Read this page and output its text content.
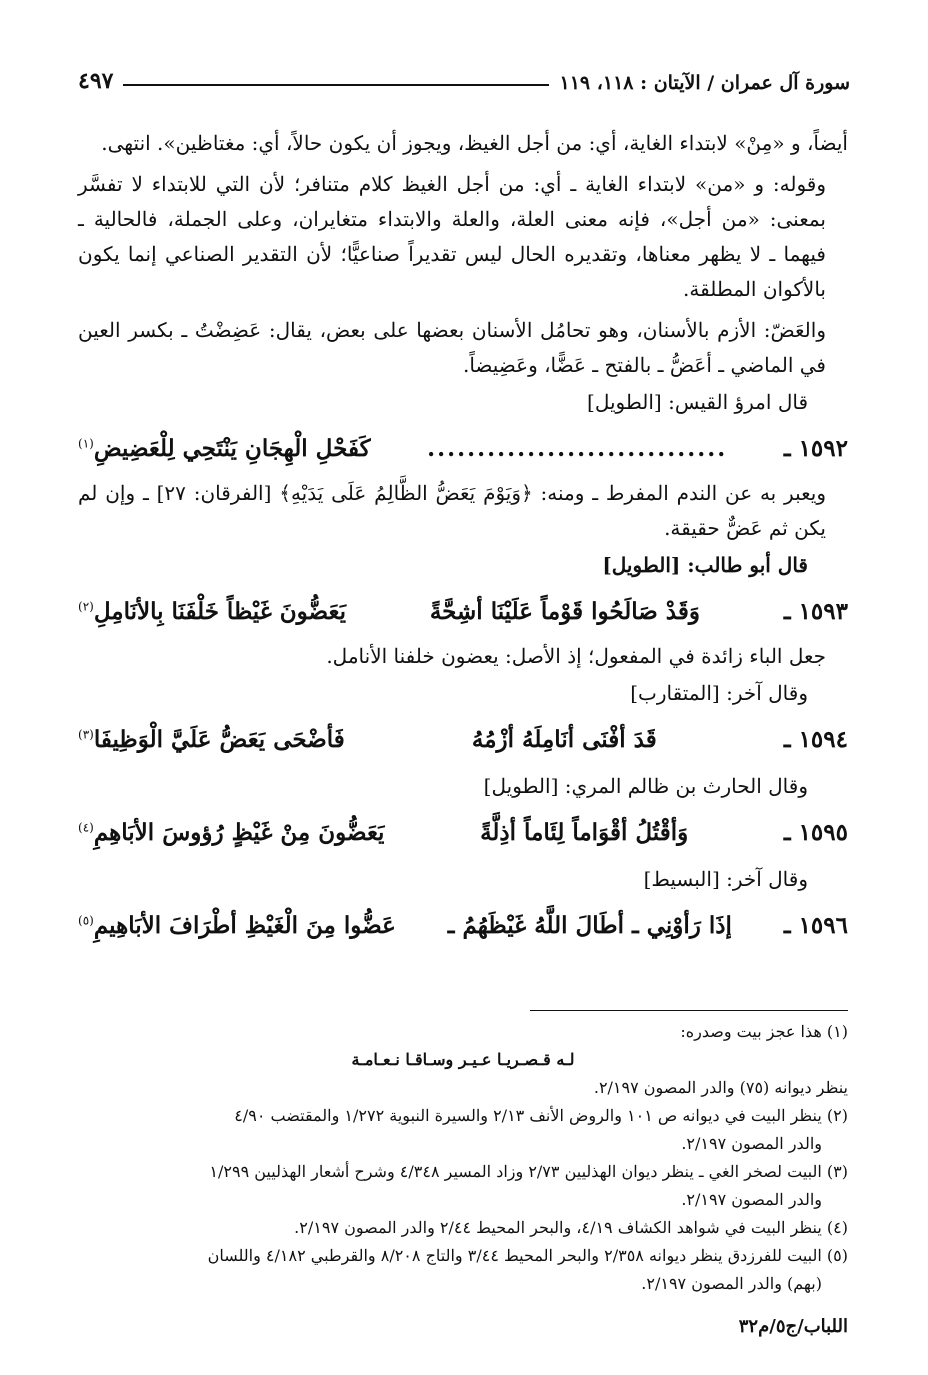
سورة آل عمران / الآيتان : ١١٨، ١١٩
٤٩٧

أيضاً، و «مِنْ» لابتداء الغاية، أي: من أجل الغيظ، ويجوز أن يكون حالاً، أي: مغتاظين». انتهى.

وقوله: و «من» لابتداء الغاية ـ أي: من أجل الغيظ كلام متنافر؛ لأن التي للابتداء لا تفسَّر بمعنى: «من أجل»، فإنه معنى العلة، والعلة والابتداء متغايران، وعلى الجملة، فالحالية ـ فيهما ـ لا يظهر معناها، وتقديره الحال ليس تقديراً صناعيًّا؛ لأن التقدير الصناعي إنما يكون بالأكوان المطلقة.

والعَضّ: الأزم بالأسنان، وهو تحامُل الأسنان بعضها على بعض، يقال: عَضِضْتُ ـ بكسر العين في الماضي ـ أعَضُّ ـ بالفتح ـ عَضًّا، وعَضِيضاً.

قال امرؤ القيس: [الطويل]
١٥٩٢ ـ
..............................
كَفَحْلِ الْهِجَانِ يَنْتَحِي لِلْعَضِيضِ$^{(١)}$

ويعبر به عن الندم المفرط ـ ومنه: ﴿وَيَوْمَ يَعَضُّ الظَّالِمُ عَلَى يَدَيْهِ﴾ [الفرقان: ٢٧] ـ وإن لم يكن ثم عَضٌّ حقيقة.

قال أبو طالب: [الطويل]
١٥٩٣ ـ
وَقَدْ صَالَحُوا قَوْماً عَلَيْنَا أشِحَّةً
يَعَضُّونَ غَيْظاً خَلْفَنَا بِالأنَامِلِ$^{(٢)}$

جعل الباء زائدة في المفعول؛ إذ الأصل: يعضون خلفنا الأنامل.

وقال آخر: [المتقارب]
١٥٩٤ ـ
قَدَ أفْنَى أنَامِلَهُ أزْمُهُ
فَأضْحَى يَعَضُّ عَلَيَّ الْوَظِيفَا$^{(٣)}$
وقال الحارث بن ظالم المري: [الطويل]
١٥٩٥ ـ
وَأقْتُلُ أقْوَاماً لِئَاماً أذِلَّةً
يَعَضُّونَ مِنْ غَيْظٍ رُؤوسَ الأبَاهِمِ$^{(٤)}$
وقال آخر: [البسيط]
١٥٩٦ ـ
إذَا رَأوْنِي ـ أطَالَ اللَّهُ غَيْظَهُمُ ـ
عَضُّوا مِنَ الْغَيْظِ أطْرَافَ الأبَاهِيمِ$^{(٥)}$

(١) هذا عجز بيت وصدره:
لـه قـصـريـا عـيـر وسـاقـا نـعـامـة
ينظر ديوانه (٧٥) والدر المصون ٢/١٩٧.

(٢) ينظر البيت في ديوانه ص ١٠١ والروض الأنف ٢/١٣ والسيرة النبوية ١/٢٧٢ والمقتضب ٤/٩٠
والدر المصون ٢/١٩٧.

(٣) البيت لصخر الغي ـ ينظر ديوان الهذليين ٢/٧٣ وزاد المسير ٤/٣٤٨ وشرح أشعار الهذليين ١/٢٩٩
والدر المصون ٢/١٩٧.

(٤) ينظر البيت في شواهد الكشاف ٤/١٩، والبحر المحيط ٢/٤٤ والدر المصون ٢/١٩٧.

(٥) البيت للفرزدق ينظر ديوانه ٢/٣٥٨ والبحر المحيط ٣/٤٤ والتاج ٨/٢٠٨ والقرطبي ٤/١٨٢ واللسان
(بهم) والدر المصون ٢/١٩٧.

اللباب/ج٥/م٣٢
